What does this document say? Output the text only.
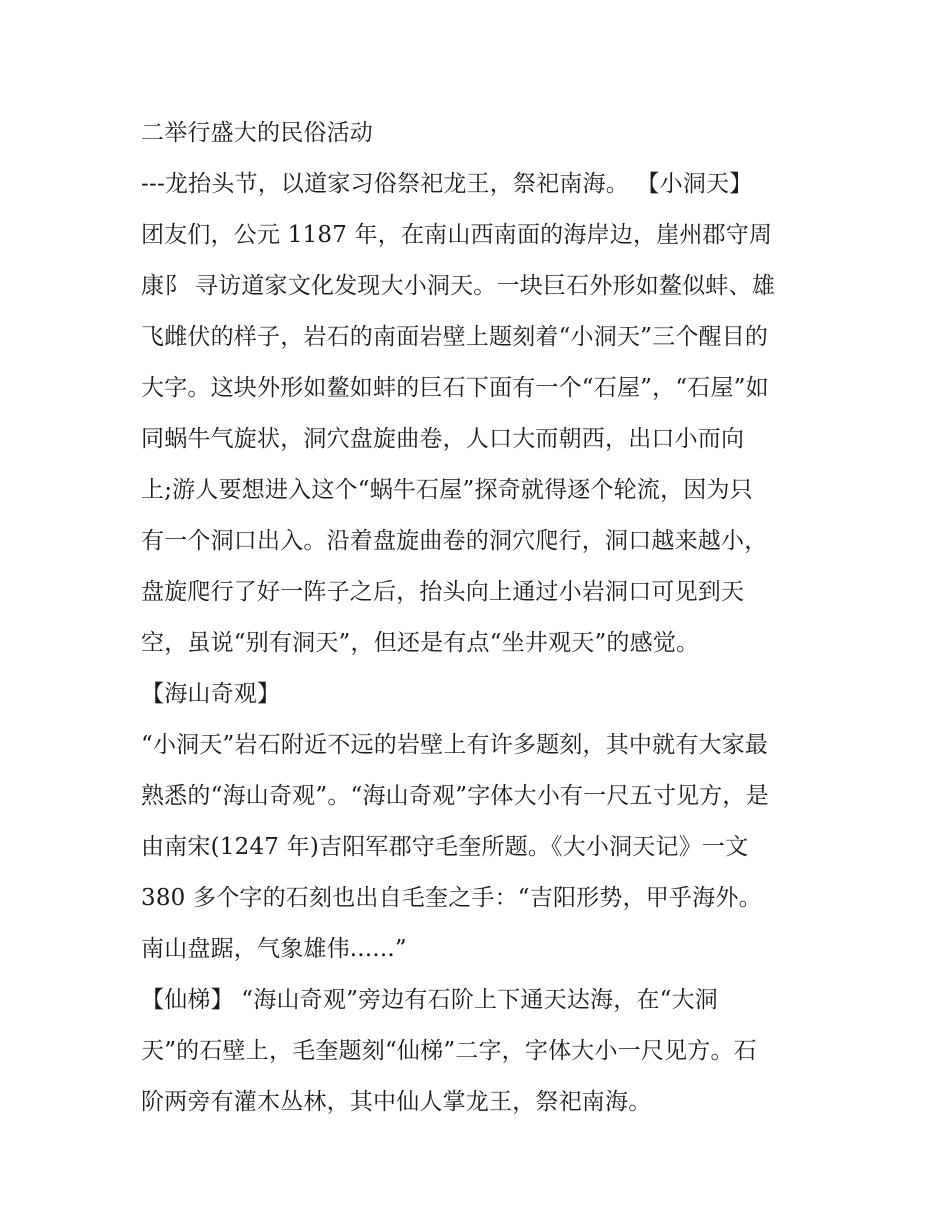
二举行盛大的民俗活动
---龙抬头节，以道家习俗祭祀龙王，祭祀南海。 【小洞天】
团友们，公元 1187 年，在南山西南面的海岸边，崖州郡守周
康阝 寻访道家文化发现大小洞天。一块巨石外形如鳌似蚌、雄
飞雌伏的样子，岩石的南面岩壁上题刻着“小洞天”三个醒目的
大字。这块外形如鳌如蚌的巨石下面有一个“石屋”，“石屋”如
同蜗牛气旋状，洞穴盘旋曲卷，人口大而朝西，出口小而向
上;游人要想进入这个“蜗牛石屋”探奇就得逐个轮流，因为只
有一个洞口出入。沿着盘旋曲卷的洞穴爬行，洞口越来越小，
盘旋爬行了好一阵子之后，抬头向上通过小岩洞口可见到天
空，虽说“别有洞天”，但还是有点“坐井观天”的感觉。
【海山奇观】
“小洞天”岩石附近不远的岩壁上有许多题刻，其中就有大家最
熟悉的“海山奇观”。“海山奇观”字体大小有一尺五寸见方，是
由南宋(1247 年)吉阳军郡守毛奎所题。《大小洞天记》一文
380 多个字的石刻也出自毛奎之手：“吉阳形势，甲乎海外。
南山盘踞，气象雄伟......”
【仙梯】 “海山奇观”旁边有石阶上下通天达海，在“大洞
天”的石壁上，毛奎题刻“仙梯”二字，字体大小一尺见方。石
阶两旁有灌木丛林，其中仙人掌龙王，祭祀南海。
